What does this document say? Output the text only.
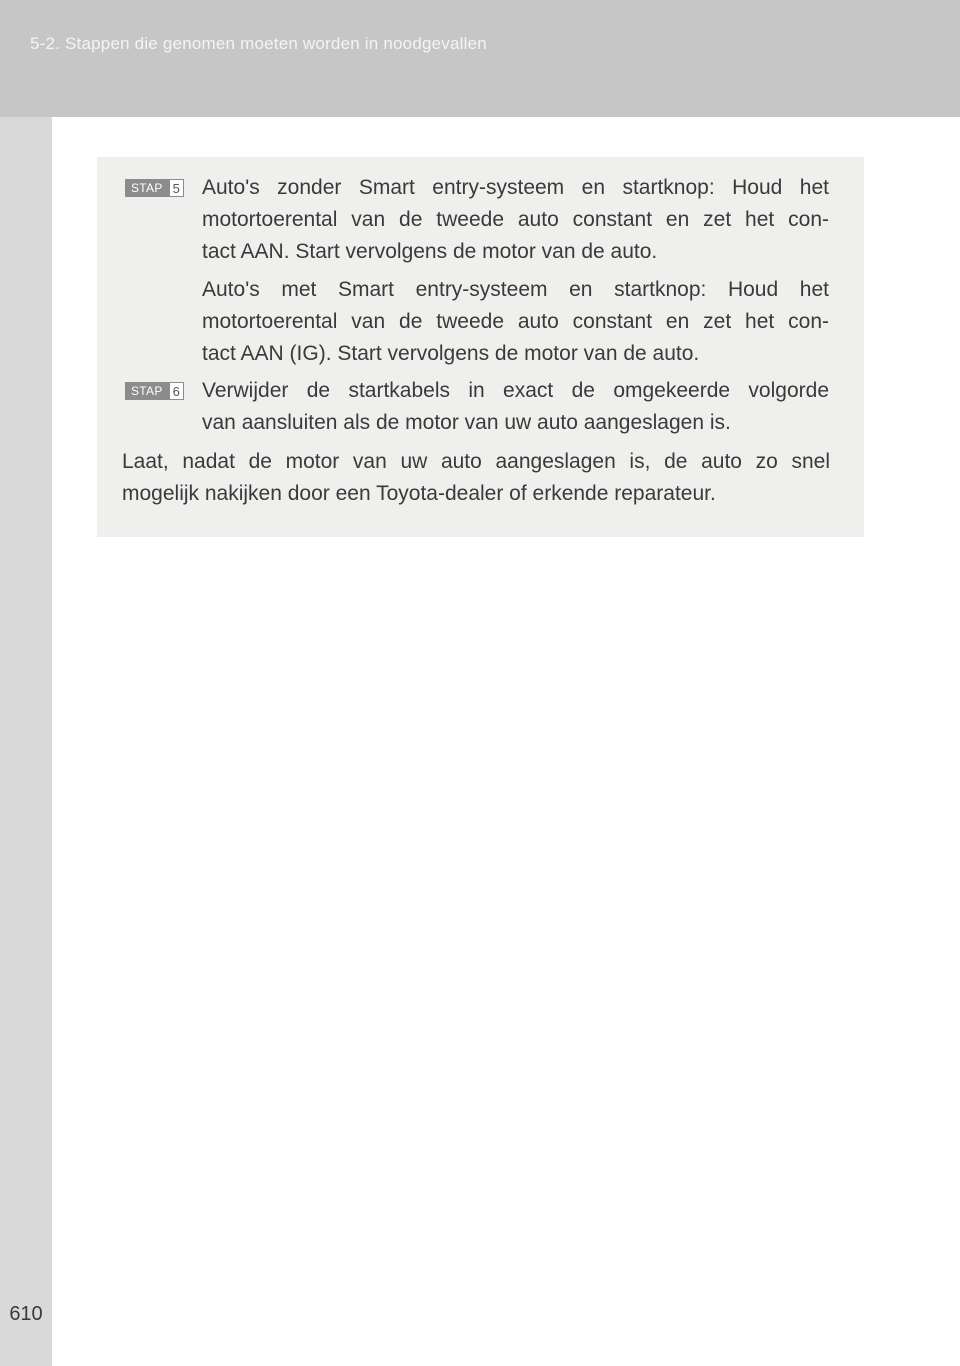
5-2. Stappen die genomen moeten worden in noodgevallen
610
STAP 5 Auto's zonder Smart entry-systeem en startknop: Houd het
motortoerental van de tweede auto constant en zet het con-
tact AAN. Start vervolgens de motor van de auto.
Auto's met Smart entry-systeem en startknop: Houd het
motortoerental van de tweede auto constant en zet het con-
tact AAN (IG). Start vervolgens de motor van de auto.
STAP 6 Verwijder de startkabels in exact de omgekeerde volgorde
van aansluiten als de motor van uw auto aangeslagen is.
Laat, nadat de motor van uw auto aangeslagen is, de auto zo snel
mogelijk nakijken door een Toyota-dealer of erkende reparateur.
